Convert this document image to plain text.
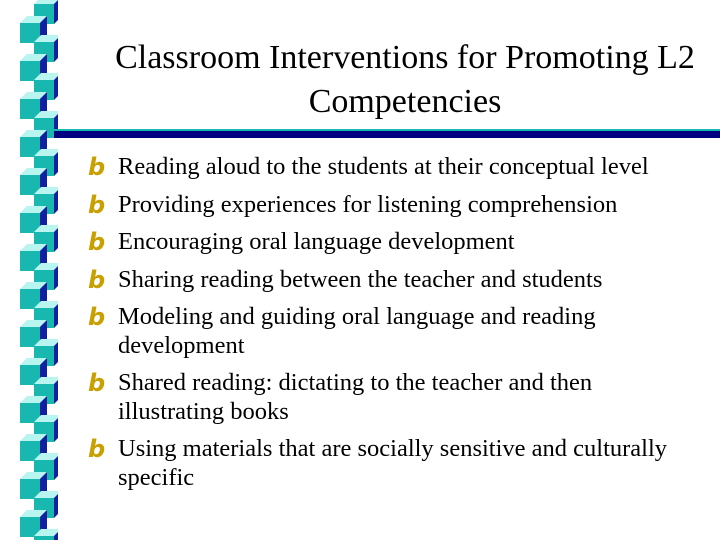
Classroom Interventions for Promoting L2 Competencies
b Reading aloud to the students at their conceptual level
b Providing experiences for listening comprehension
b Encouraging oral language development
b Sharing reading between the teacher and students
b Modeling and guiding oral language and reading development
b Shared reading: dictating to the teacher and then illustrating books
b Using materials that are socially sensitive and culturally specific
